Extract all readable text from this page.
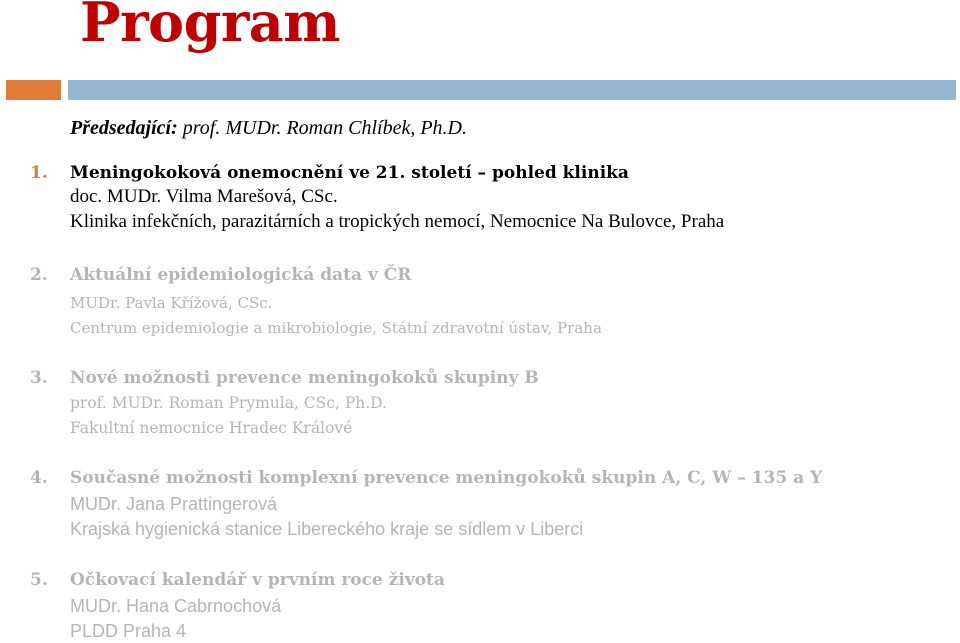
Program
Předsedající: prof. MUDr. Roman Chlíbek, Ph.D.
1. Meningokoková onemocnění ve 21. století – pohled klinika
doc. MUDr. Vilma Marešová, CSc.
Klinika infekčních, parazitárních a tropických nemocí, Nemocnice Na Bulovce, Praha
2. Aktuální epidemiologická data v ČR
MUDr. Pavla Křížová, CSc.
Centrum epidemiologie a mikrobiologie, Státní zdravotní ústav, Praha
3. Nové možnosti prevence meningokoků skupiny B
prof. MUDr. Roman Prymula, CSc, Ph.D.
Fakultní nemocnice Hradec Králové
4. Současné možnosti komplexní prevence meningokoků skupin A, C, W – 135 a Y
MUDr. Jana Prattingerová
Krajská hygienická stanice Libereckého kraje se sídlem v Liberci
5. Očkovací kalendář v prvním roce života
MUDr. Hana Cabrnochová
PLDD Praha 4
